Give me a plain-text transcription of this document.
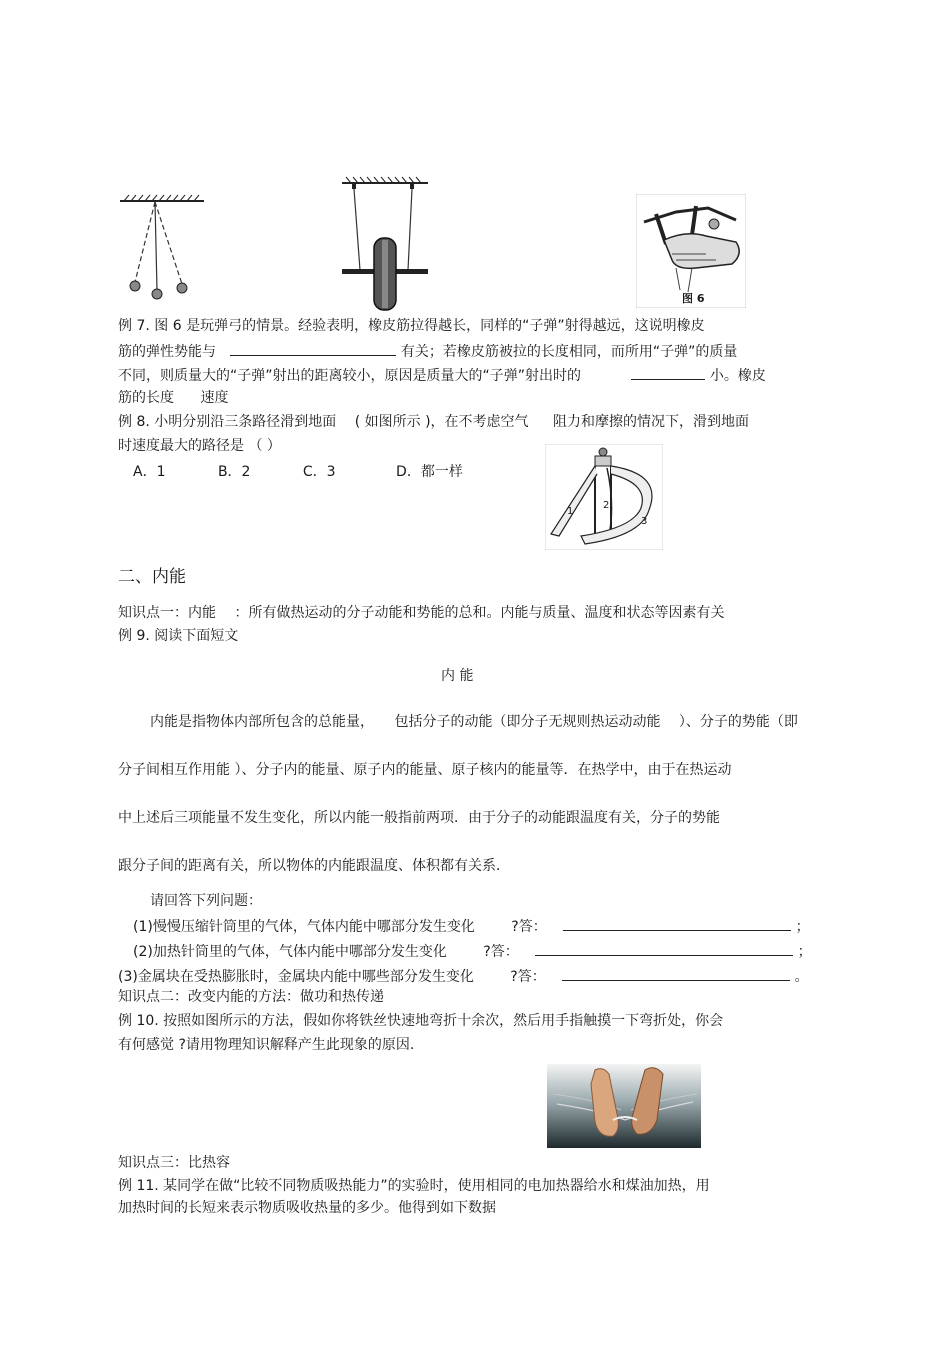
图 6
例 7. 图 6 是玩弹弓的情景。经验表明，橡皮筋拉得越长，同样的“子弹”射得越远，这说明橡皮
筋的弹性势能与	有关；若橡皮筋被拉的长度相同，而所用“子弹”的质量
不同，则质量大的“子弹”射出的距离较小，原因是质量大的“子弹”射出时的	小。橡皮
筋的长度 速度
例 8. 小明分别沿三条路径滑到地面 ( 如图所示 )，在不考虑空气 阻力和摩擦的情况下，滑到地面
时速度最大的路径是 （ ）
A．1	B．2	C．3	D．都一样
1
2
3
二、内能
知识点一：内能 ：所有做热运动的分子动能和势能的总和。内能与质量、温度和状态等因素有关
例 9. 阅读下面短文
内 能
内能是指物体内部所包含的总能量， 包括分子的动能（即分子无规则热运动动能 ）、分子的势能（即
分子间相互作用能 ）、分子内的能量、原子内的能量、原子核内的能量等．在热学中，由于在热运动
中上述后三项能量不发生变化，所以内能一般指前两项．由于分子的动能跟温度有关，分子的势能
跟分子间的距离有关，所以物体的内能跟温度、体积都有关系．
请回答下列问题：
(1)慢慢压缩针筒里的气体，气体内能中哪部分发生变化	?答：	；
(2)加热针筒里的气体，气体内能中哪部分发生变化	?答：	；
(3)金属块在受热膨胀时，金属块内能中哪些部分发生变化	?答：	。
知识点二：改变内能的方法：做功和热传递
例 10. 按照如图所示的方法，假如你将铁丝快速地弯折十余次，然后用手指触摸一下弯折处，你会
有何感觉 ?请用物理知识解释产生此现象的原因.
知识点三：比热容
例 11. 某同学在做“比较不同物质吸热能力”的实验时，使用相同的电加热器给水和煤油加热，用
加热时间的长短来表示物质吸收热量的多少。他得到如下数据
